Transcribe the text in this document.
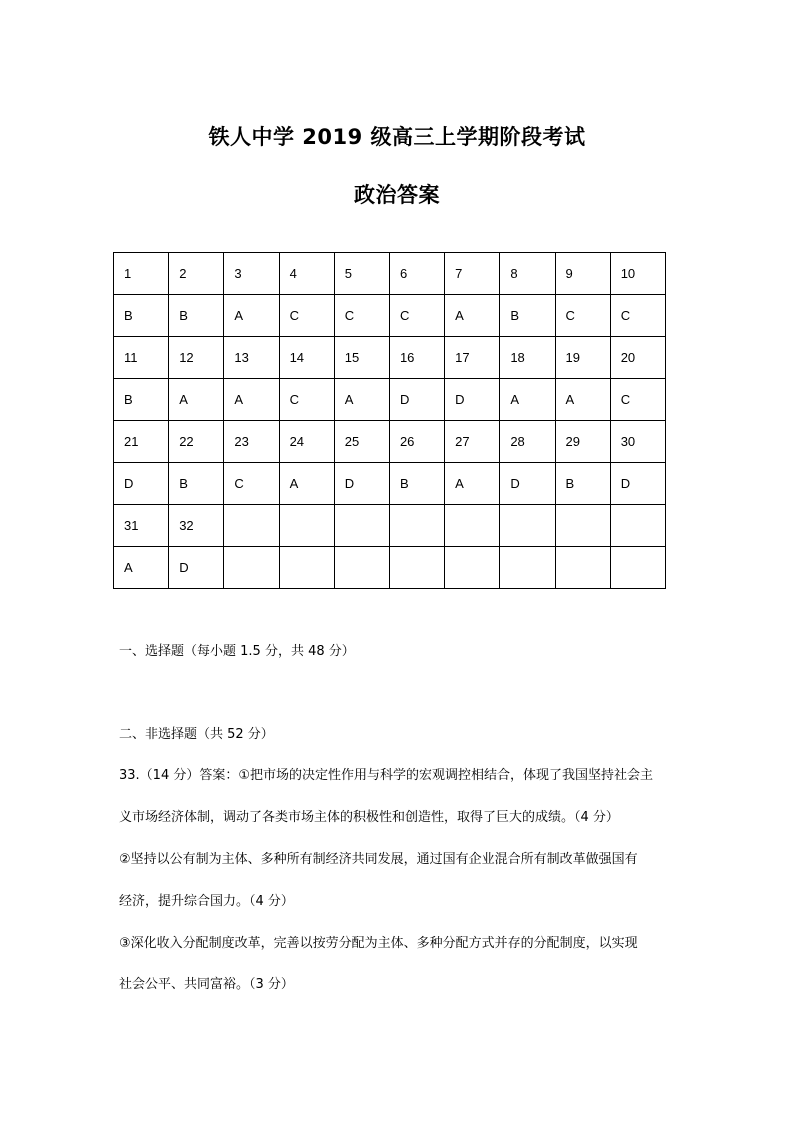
铁人中学 2019 级高三上学期阶段考试
政治答案
1	2	3	4	5	6	7	8	9	10
B	B	A	C	C	C	A	B	C	C
11	12	13	14	15	16	17	18	19	20
B	A	A	C	A	D	D	A	A	C
21	22	23	24	25	26	27	28	29	30
D	B	C	A	D	B	A	D	B	D
31	32								
A	D								
一、选择题（每小题 1.5 分，共 48 分）
二、非选择题（共 52 分）
33.（14 分）答案：①把市场的决定性作用与科学的宏观调控相结合，体现了我国坚持社会主
义市场经济体制，调动了各类市场主体的积极性和创造性，取得了巨大的成绩。（4 分）
②坚持以公有制为主体、多种所有制经济共同发展，通过国有企业混合所有制改革做强国有
经济，提升综合国力。（4 分）
③深化收入分配制度改革，完善以按劳分配为主体、多种分配方式并存的分配制度，以实现
社会公平、共同富裕。（3 分）
